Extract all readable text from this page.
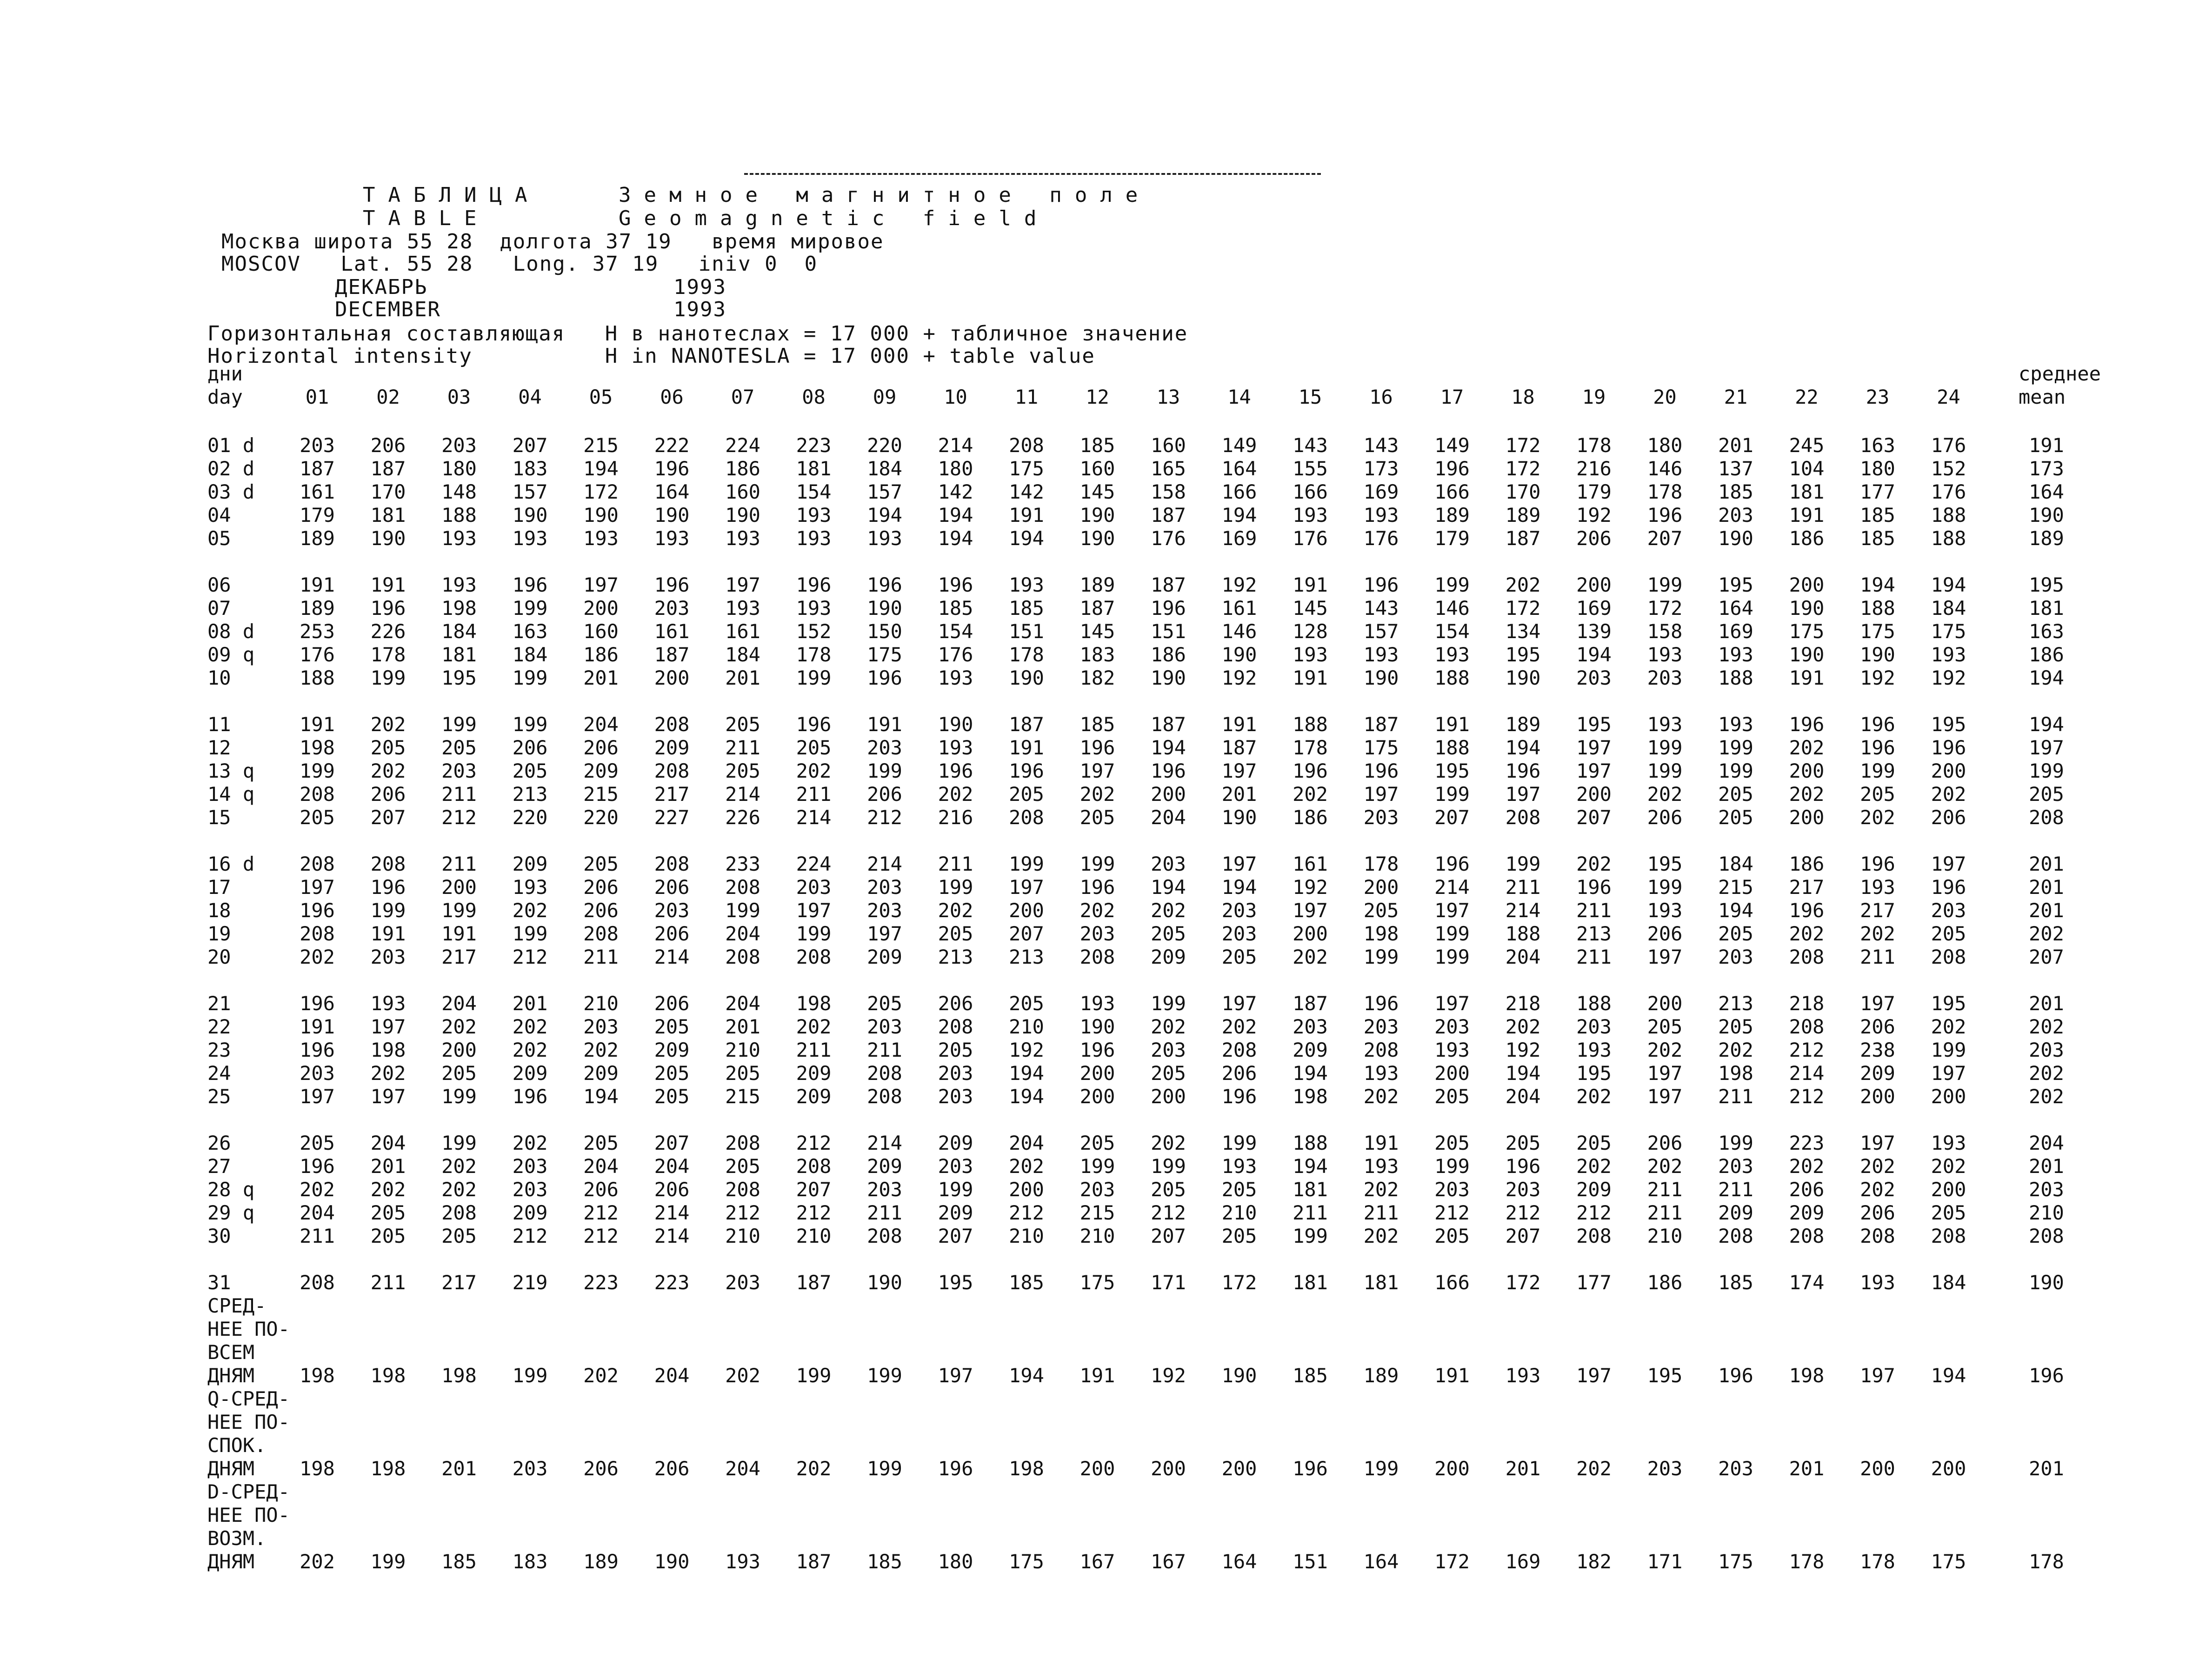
ТАБЛИЦА	Земное магнитное поле
TABLE	Geomagnetic field
Москва широта 55 28  долгота 37 19   время мировое
MOSCOV   Lat. 55 28   Long. 37 19   iniv 0  0
ДЕКАБРЬ	1993
DECEMBER	1993
Горизонтальная составляющая   H в нанотеслах = 17 000 + табличное значение
Horizontal intensity          H in NANOTESLA = 17 000 + table value
дни
day	01 02 03 04 05 06 07 08 09 10 11 12 13 14 15 16 17 18 19 20 21 22 23 24
среднее
mean
01 d 203 206 203 207 215 222 224 223 220 214 208 185 160 149 143 143 149 172 178 180 201 245 163 176	191
02 d 187 187 180 183 194 196 186 181 184 180 175 160 165 164 155 173 196 172 216 146 137 104 180 152	173
03 d 161 170 148 157 172 164 160 154 157 142 142 145 158 166 166 169 166 170 179 178 185 181 177 176	164
04	179 181 188 190 190 190 190 193 194 194 191 190 187 194 193 193 189 189 192 196 203 191 185 188	190
05	189 190 193 193 193 193 193 193 193 194 194 190 176 169 176 176 179 187 206 207 190 186 185 188	189
06	191 191 193 196 197 196 197 196 196 196 193 189 187 192 191 196 199 202 200 199 195 200 194 194	195
07	189 196 198 199 200 203 193 193 190 185 185 187 196 161 145 143 146 172 169 172 164 190 188 184	181
08 d 253 226 184 163 160 161 161 152 150 154 151 145 151 146 128 157 154 134 139 158 169 175 175 175	163
09 q 176 178 181 184 186 187 184 178 175 176 178 183 186 190 193 193 193 195 194 193 193 190 190 193	186
10	188 199 195 199 201 200 201 199 196 193 190 182 190 192 191 190 188 190 203 203 188 191 192 192	194
11	191 202 199 199 204 208 205 196 191 190 187 185 187 191 188 187 191 189 195 193 193 196 196 195	194
12	198 205 205 206 206 209 211 205 203 193 191 196 194 187 178 175 188 194 197 199 199 202 196 196	197
13 q 199 202 203 205 209 208 205 202 199 196 196 197 196 197 196 196 195 196 197 199 199 200 199 200	199
14 q 208 206 211 213 215 217 214 211 206 202 205 202 200 201 202 197 199 197 200 202 205 202 205 202	205
15	205 207 212 220 220 227 226 214 212 216 208 205 204 190 186 203 207 208 207 206 205 200 202 206	208
16 d 208 208 211 209 205 208 233 224 214 211 199 199 203 197 161 178 196 199 202 195 184 186 196 197	201
17	197 196 200 193 206 206 208 203 203 199 197 196 194 194 192 200 214 211 196 199 215 217 193 196	201
18	196 199 199 202 206 203 199 197 203 202 200 202 202 203 197 205 197 214 211 193 194 196 217 203	201
19	208 191 191 199 208 206 204 199 197 205 207 203 205 203 200 198 199 188 213 206 205 202 202 205	202
20	202 203 217 212 211 214 208 208 209 213 213 208 209 205 202 199 199 204 211 197 203 208 211 208	207
21	196 193 204 201 210 206 204 198 205 206 205 193 199 197 187 196 197 218 188 200 213 218 197 195	201
22	191 197 202 202 203 205 201 202 203 208 210 190 202 202 203 203 203 202 203 205 205 208 206 202	202
23	196 198 200 202 202 209 210 211 211 205 192 196 203 208 209 208 193 192 193 202 202 212 238 199	203
24	203 202 205 209 209 205 205 209 208 203 194 200 205 206 194 193 200 194 195 197 198 214 209 197	202
25	197 197 199 196 194 205 215 209 208 203 194 200 200 196 198 202 205 204 202 197 211 212 200 200	202
26	205 204 199 202 205 207 208 212 214 209 204 205 202 199 188 191 205 205 205 206 199 223 197 193	204
27	196 201 202 203 204 204 205 208 209 203 202 199 199 193 194 193 199 196 202 202 203 202 202 202	201
28 q 202 202 202 203 206 206 208 207 203 199 200 203 205 205 181 202 203 203 209 211 211 206 202 200	203
29 q 204 205 208 209 212 214 212 212 211 209 212 215 212 210 211 211 212 212 212 211 209 209 206 205	210
30	211 205 205 212 212 214 210 210 208 207 210 210 207 205 199 202 205 207 208 210 208 208 208 208	208
31	208 211 217 219 223 223 203 187 190 195 185 175 171 172 181 181 166 172 177 186 185 174 193 184	190
СРЕД-
НЕЕ ПО-
ВСЕМ
ДНЯМ 198 198 198 199 202 204 202 199 199 197 194 191 192 190 185 189 191 193 197 195 196 198 197 194	196
Q-СРЕД-
НЕЕ ПО-
СПОК.
ДНЯМ 198 198 201 203 206 206 204 202 199 196 198 200 200 200 196 199 200 201 202 203 203 201 200 200	201
D-СРЕД-
НЕЕ ПО-
ВОЗМ.
ДНЯМ 202 199 185 183 189 190 193 187 185 180 175 167 167 164 151 164 172 169 182 171 175 178 178 175	178
